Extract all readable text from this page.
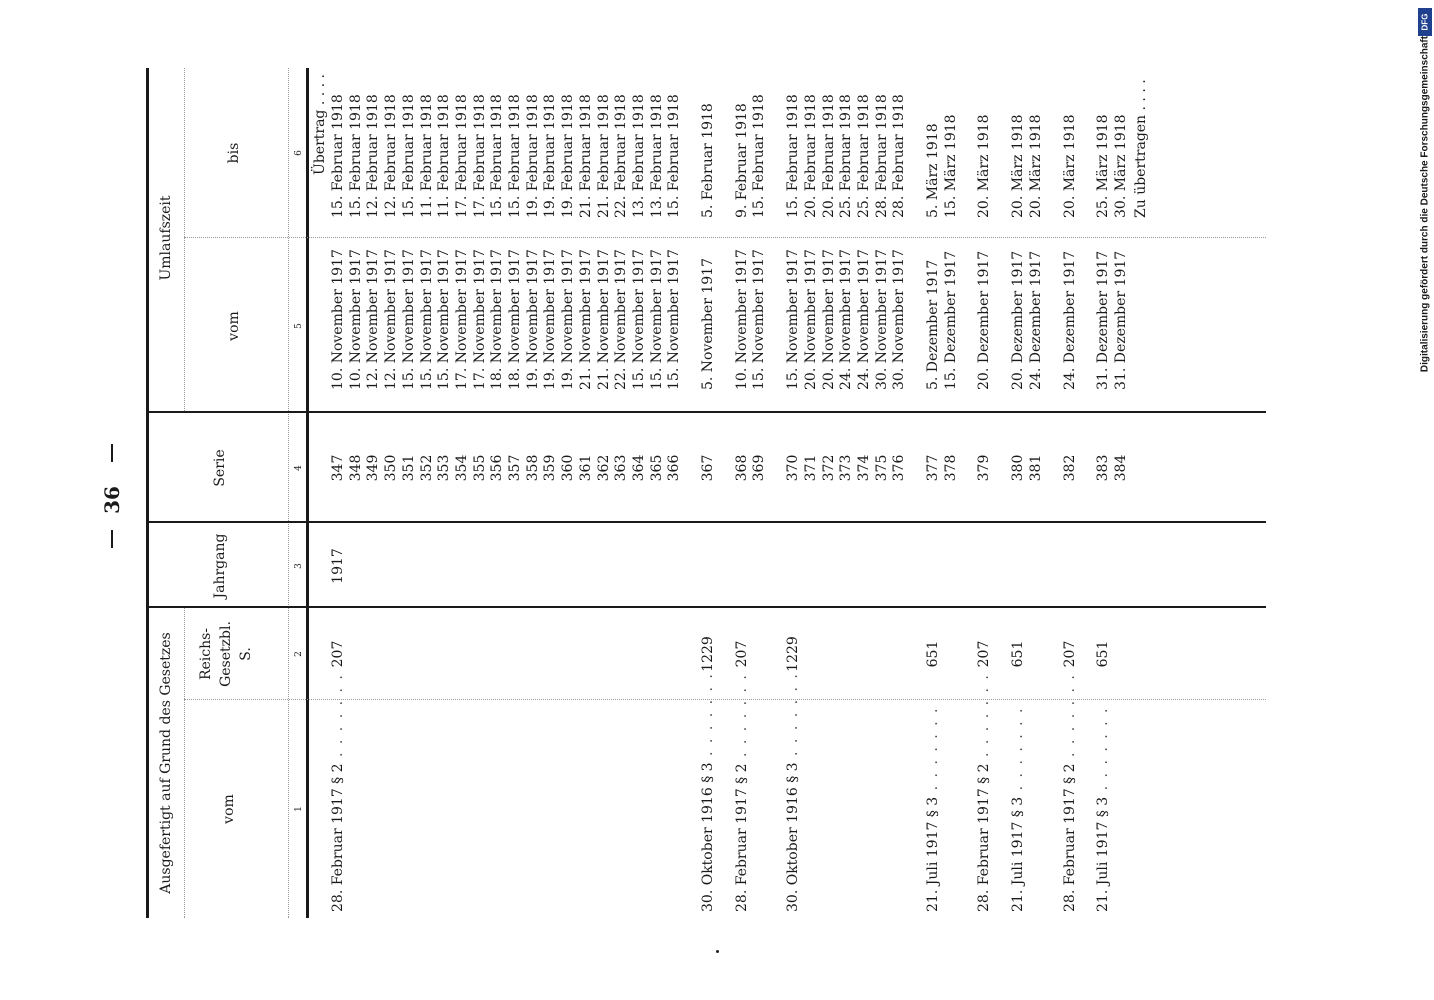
36
Digitalisierung gefördert durch die Deutsche Forschungsgemeinschaft
DFG
Ausgefertigt auf Grund des Gesetzes
Umlaufszeit
vom
Reichs- Gesetzbl. S.
Jahrgang
Serie
vom
bis
1
2
3
4
5
6 Übertrag . . . .
28. Februar 1917 § 2 . . . . . . .
207
1917
347
10. November 1917
15. Februar 1918
348
10. November 1917
15. Februar 1918
349
12. November 1917
12. Februar 1918
350
12. November 1917
12. Februar 1918
351
15. November 1917
15. Februar 1918
352
15. November 1917
11. Februar 1918
353
15. November 1917
11. Februar 1918
354
17. November 1917
17. Februar 1918
355
17. November 1917
17. Februar 1918
356
18. November 1917
15. Februar 1918
357
18. November 1917
15. Februar 1918
358
19. November 1917
19. Februar 1918
359
19. November 1917
19. Februar 1918
360
19. November 1917
19. Februar 1918
361
21. November 1917
21. Februar 1918
362
21. November 1917
21. Februar 1918
363
22. November 1917
22. Februar 1918
364
15. November 1917
13. Februar 1918
365
15. November 1917
13. Februar 1918
366
15. November 1917
15. Februar 1918
30. Oktober 1916 § 3 . . . . . . .
1229
367
5. November 1917
5. Februar 1918
28. Februar 1917 § 2 . . . . . . .
207
368
10. November 1917
9. Februar 1918
369
15. November 1917
15. Februar 1918
30. Oktober 1916 § 3 . . . . . . .
1229
370
15. November 1917
15. Februar 1918
371
20. November 1917
20. Februar 1918
372
20. November 1917
20. Februar 1918
373
24. November 1917
25. Februar 1918
374
24. November 1917
25. Februar 1918
375
30. November 1917
28. Februar 1918
376
30. November 1917
28. Februar 1918
21. Juli 1917 § 3 . . . . . . .
651
377
5. Dezember 1917
5. März 1918
378
15. Dezember 1917
15. März 1918
28. Februar 1917 § 2 . . . . . . .
207
379
20. Dezember 1917
20. März 1918
21. Juli 1917 § 3 . . . . . . .
651
380
20. Dezember 1917
20. März 1918
381
24. Dezember 1917
20. März 1918
28. Februar 1917 § 2 . . . . . . .
207
382
24. Dezember 1917
20. März 1918
21. Juli 1917 § 3 . . . . . . .
651
383
31. Dezember 1917
25. März 1918
384
31. Dezember 1917
30. März 1918 Zu übertragen . . . .
